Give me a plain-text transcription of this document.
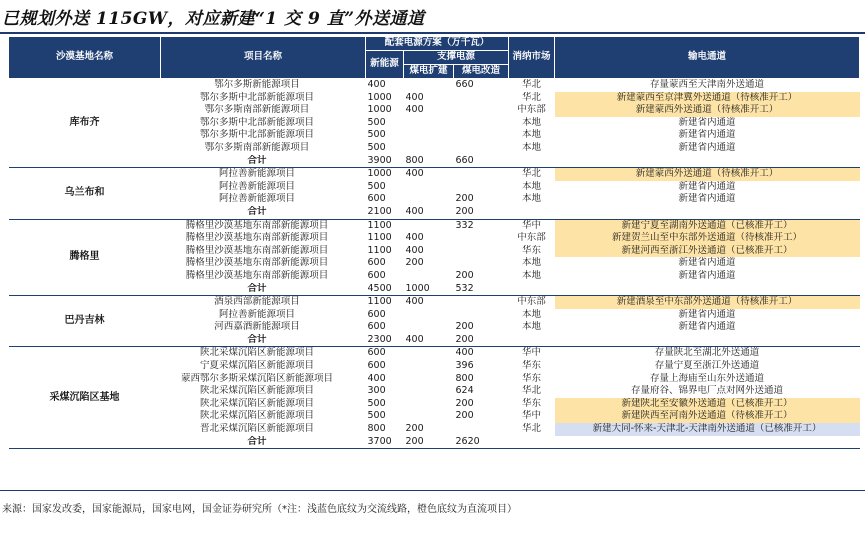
已规划外送 115GW，对应新建“1 交 9 直”外送通道
沙漠基地名称	项目名称	配套电源方案（万千瓦）			消纳市场	输电通道
		新能源	支撑电源			
			煤电扩建	煤电改造		
库布齐	鄂尔多斯新能源项目	400		660	华北	存量蒙西至天津南外送通道
	鄂尔多斯中北部新能源项目	1000	400		华北	新建蒙西至京津冀外送通道（待核准开工）
	鄂尔多斯南部新能源项目	1000	400		中东部	新建蒙西外送通道（待核准开工）
	鄂尔多斯中北部新能源项目	500			本地	新建省内通道
	鄂尔多斯中北部新能源项目	500			本地	新建省内通道
	鄂尔多斯南部新能源项目	500			本地	新建省内通道
	合计	3900	800	660		
乌兰布和	阿拉善新能源项目	1000	400		华北	新建蒙西外送通道（待核准开工）
	阿拉善新能源项目	500			本地	新建省内通道
	阿拉善新能源项目	600		200	本地	新建省内通道
	合计	2100	400	200		
腾格里	腾格里沙漠基地东南部新能源项目	1100		332	华中	新建宁夏至湖南外送通道（已核准开工）
	腾格里沙漠基地东南部新能源项目	1100	400		中东部	新建贺兰山至中东部外送通道（待核准开工）
	腾格里沙漠基地东南部新能源项目	1100	400		华东	新建河西至浙江外送通道（已核准开工）
	腾格里沙漠基地东南部新能源项目	600	200		本地	新建省内通道
	腾格里沙漠基地东南部新能源项目	600		200	本地	新建省内通道
	合计	4500	1000	532		
巴丹吉林	酒泉西部新能源项目	1100	400		中东部	新建酒泉至中东部外送通道（待核准开工）
	阿拉善新能源项目	600			本地	新建省内通道
	河西嘉酒新能源项目	600		200	本地	新建省内通道
	合计	2300	400	200		
采煤沉陷区基地	陕北采煤沉陷区新能源项目	600		400	华中	存量陕北至湖北外送通道
	宁夏采煤沉陷区新能源项目	600		396	华东	存量宁夏至浙江外送通道
	蒙西鄂尔多斯采煤沉陷区新能源项目	400		800	华东	存量上海庙至山东外送通道
	陕北采煤沉陷区新能源项目	300		624	华北	存量府谷、锦界电厂点对网外送通道
	陕北采煤沉陷区新能源项目	500		200	华东	新建陕北至安徽外送通道（已核准开工）
	陕北采煤沉陷区新能源项目	500		200	华中	新建陕西至河南外送通道（待核准开工）
	晋北采煤沉陷区新能源项目	800	200		华北	新建大同-怀来-天津北-天津南外送通道（已核准开工）
	合计	3700	200	2620		
来源：国家发改委，国家能源局，国家电网，国金证券研究所（*注：浅蓝色底纹为交流线路，橙色底纹为直流项目）
